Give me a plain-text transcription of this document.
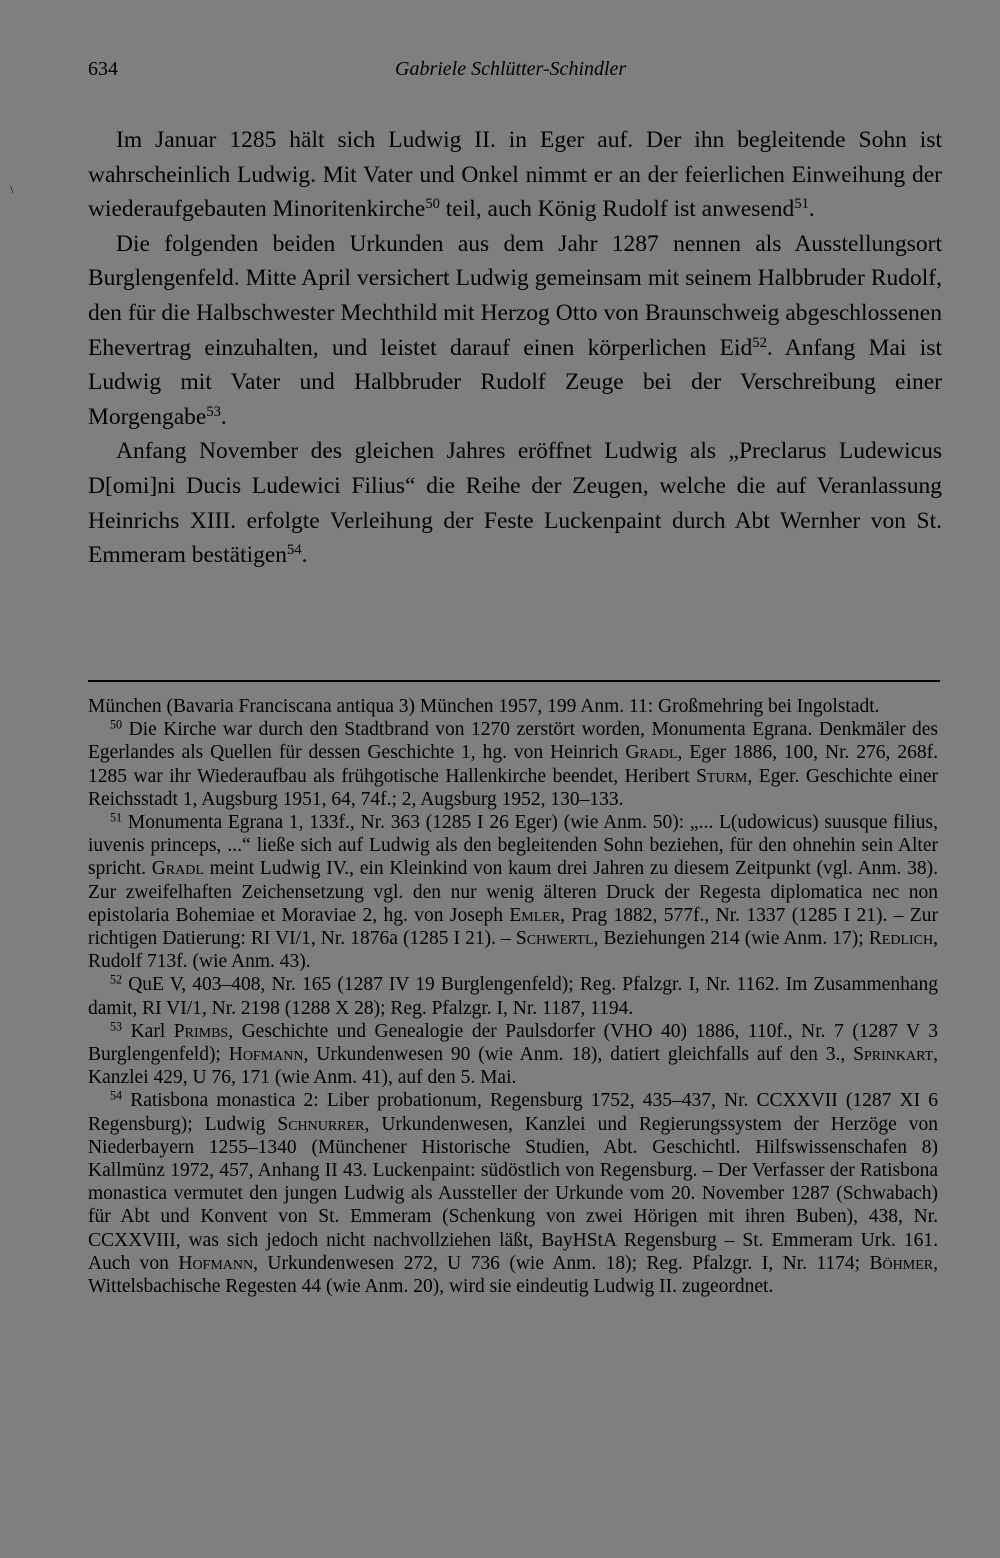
\
634	Gabriele Schlütter-Schindler

Im Januar 1285 hält sich Ludwig II. in Eger auf. Der ihn begleitende Sohn ist wahrscheinlich Ludwig. Mit Vater und Onkel nimmt er an der feierlichen Einweihung der wiederaufgebauten Minoritenkirche$^{50}$ teil, auch König Rudolf ist anwesend$^{51}$.

Die folgenden beiden Urkunden aus dem Jahr 1287 nennen als Ausstellungsort Burglengenfeld. Mitte April versichert Ludwig gemeinsam mit seinem Halbbruder Rudolf, den für die Halbschwester Mechthild mit Herzog Otto von Braunschweig abgeschlossenen Ehevertrag einzuhalten, und leistet darauf einen körperlichen Eid$^{52}$. Anfang Mai ist Ludwig mit Vater und Halbbruder Rudolf Zeuge bei der Verschreibung einer Morgengabe$^{53}$.

Anfang November des gleichen Jahres eröffnet Ludwig als „Preclarus Ludewicus D[omi]ni Ducis Ludewici Filius“ die Reihe der Zeugen, welche die auf Veranlassung Heinrichs XIII. erfolgte Verleihung der Feste Luckenpaint durch Abt Wernher von St. Emmeram bestätigen$^{54}$.

München (Bavaria Franciscana antiqua 3) München 1957, 199 Anm. 11: Großmehring bei Ingolstadt.

$^{50}$ Die Kirche war durch den Stadtbrand von 1270 zerstört worden, Monumenta Egrana. Denkmäler des Egerlandes als Quellen für dessen Geschichte 1, hg. von Heinrich Gradl, Eger 1886, 100, Nr. 276, 268f. 1285 war ihr Wiederaufbau als frühgotische Hallenkirche beendet, Heribert Sturm, Eger. Geschichte einer Reichsstadt 1, Augsburg 1951, 64, 74f.; 2, Augsburg 1952, 130–133.

$^{51}$ Monumenta Egrana 1, 133f., Nr. 363 (1285 I 26 Eger) (wie Anm. 50): „... L(udowicus) suusque filius, iuvenis princeps, ...“ ließe sich auf Ludwig als den begleitenden Sohn beziehen, für den ohnehin sein Alter spricht. Gradl meint Ludwig IV., ein Kleinkind von kaum drei Jahren zu diesem Zeitpunkt (vgl. Anm. 38). Zur zweifelhaften Zeichensetzung vgl. den nur wenig älteren Druck der Regesta diplomatica nec non epistolaria Bohemiae et Moraviae 2, hg. von Joseph Emler, Prag 1882, 577f., Nr. 1337 (1285 I 21). – Zur richtigen Datierung: RI VI/1, Nr. 1876a (1285 I 21). – Schwertl, Beziehungen 214 (wie Anm. 17); Redlich, Rudolf 713f. (wie Anm. 43).

$^{52}$ QuE V, 403–408, Nr. 165 (1287 IV 19 Burglengenfeld); Reg. Pfalzgr. I, Nr. 1162. Im Zusammenhang damit, RI VI/1, Nr. 2198 (1288 X 28); Reg. Pfalzgr. I, Nr. 1187, 1194.

$^{53}$ Karl Primbs, Geschichte und Genealogie der Paulsdorfer (VHO 40) 1886, 110f., Nr. 7 (1287 V 3 Burglengenfeld); Hofmann, Urkundenwesen 90 (wie Anm. 18), datiert gleichfalls auf den 3., Sprinkart, Kanzlei 429, U 76, 171 (wie Anm. 41), auf den 5. Mai.

$^{54}$ Ratisbona monastica 2: Liber probationum, Regensburg 1752, 435–437, Nr. CCXXVII (1287 XI 6 Regensburg); Ludwig Schnurrer, Urkundenwesen, Kanzlei und Regierungssystem der Herzöge von Niederbayern 1255–1340 (Münchener Historische Studien, Abt. Geschichtl. Hilfswissenschafen 8) Kallmünz 1972, 457, Anhang II 43. Luckenpaint: südöstlich von Regensburg. – Der Verfasser der Ratisbona monastica vermutet den jungen Ludwig als Aussteller der Urkunde vom 20. November 1287 (Schwabach) für Abt und Konvent von St. Emmeram (Schenkung von zwei Hörigen mit ihren Buben), 438, Nr. CCXXVIII, was sich jedoch nicht nachvollziehen läßt, BayHStA Regensburg – St. Emmeram Urk. 161. Auch von Hofmann, Urkundenwesen 272, U 736 (wie Anm. 18); Reg. Pfalzgr. I, Nr. 1174; Böhmer, Wittelsbachische Regesten 44 (wie Anm. 20), wird sie eindeutig Ludwig II. zugeordnet.
